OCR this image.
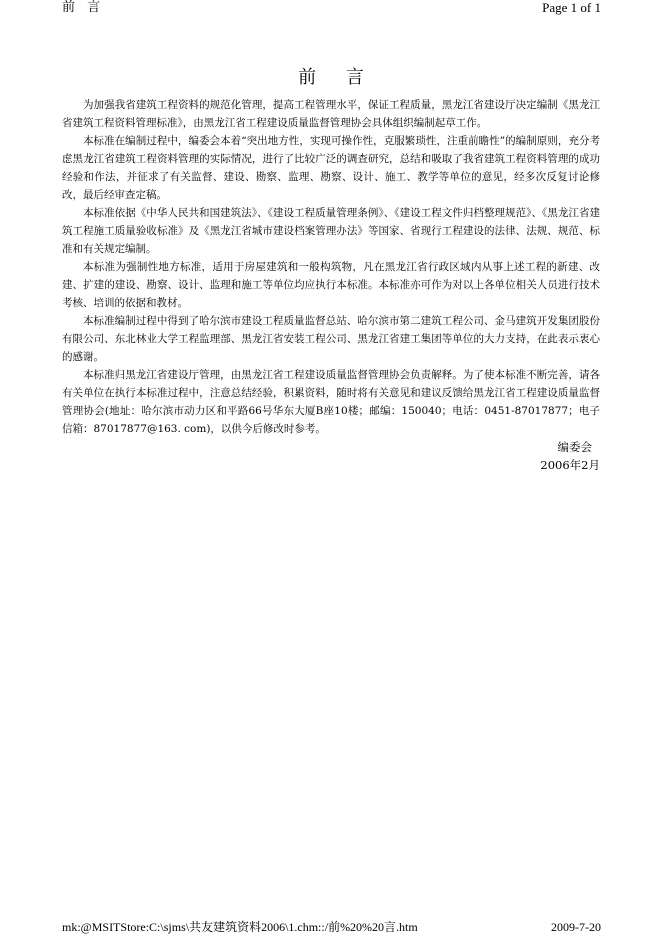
前 言	Page 1 of 1
前 言

为加强我省建筑工程资料的规范化管理，提高工程管理水平，保证工程质量，黑龙江省建设厅决定编制《黑龙江省建筑工程资料管理标准》，由黑龙江省工程建设质量监督管理协会具体组织编制起草工作。

本标准在编制过程中，编委会本着“突出地方性，实现可操作性，克服繁琐性，注重前瞻性”的编制原则，充分考虑黑龙江省建筑工程资料管理的实际情况，进行了比较广泛的调查研究，总结和吸取了我省建筑工程资料管理的成功经验和作法，并征求了有关监督、建设、勘察、监理、勘察、设计、施工、教学等单位的意见，经多次反复讨论修改，最后经审查定稿。

本标准依据《中华人民共和国建筑法》、《建设工程质量管理条例》、《建设工程文件归档整理规范》、《黑龙江省建筑工程施工质量验收标准》及《黑龙江省城市建设档案管理办法》等国家、省现行工程建设的法律、法规、规范、标准和有关规定编制。

本标准为强制性地方标准，适用于房屋建筑和一般构筑物，凡在黑龙江省行政区域内从事上述工程的新建、改建、扩建的建设、勘察、设计、监理和施工等单位均应执行本标准。本标准亦可作为对以上各单位相关人员进行技术考核、培训的依据和教材。

本标准编制过程中得到了哈尔滨市建设工程质量监督总站、哈尔滨市第二建筑工程公司、金马建筑开发集团股份有限公司、东北林业大学工程监理部、黑龙江省安装工程公司、黑龙江省建工集团等单位的大力支持，在此表示衷心的感谢。

本标准归黑龙江省建设厅管理，由黑龙江省工程建设质量监督管理协会负责解释。为了使本标准不断完善，请各有关单位在执行本标准过程中，注意总结经验，积累资料，随时将有关意见和建议反馈给黑龙江省工程建设质量监督管理协会(地址：哈尔滨市动力区和平路66号华东大厦B座10楼；邮编：150040；电话：0451-87017877；电子信箱：87017877@163. com)，以供今后修改时参考。

编委会

2006年2月

mk:@MSITStore:C:\sjms\共友建筑资料2006\1.chm::/前%20%20言.htm	2009-7-20
